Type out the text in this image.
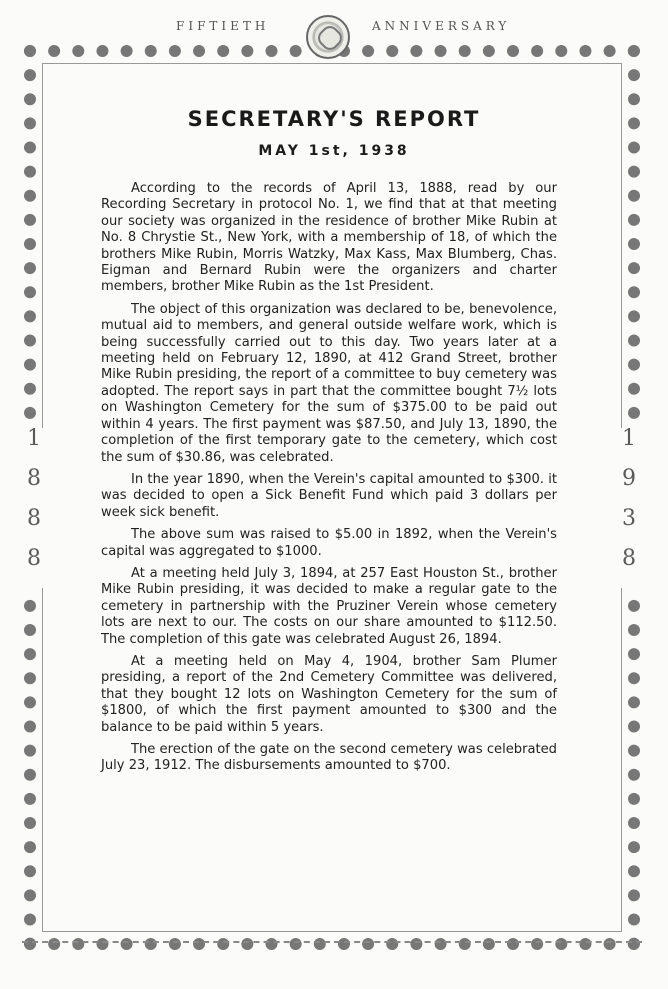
FIFTIETH	ANNIVERSARY
1
8
8
8
1
9
3
8
SECRETARY'S REPORT
MAY 1st, 1938

According to the records of April 13, 1888, read by our Recording Secretary in protocol No. 1, we find that at that meeting our society was organized in the residence of brother Mike Rubin at No. 8 Chrystie St., New York, with a membership of 18, of which the brothers Mike Rubin, Morris Watzky, Max Kass, Max Blumberg, Chas. Eigman and Bernard Rubin were the organizers and charter members, brother Mike Rubin as the 1st President.

The object of this organization was declared to be, benevolence, mutual aid to members, and general outside welfare work, which is being successfully carried out to this day. Two years later at a meeting held on February 12, 1890, at 412 Grand Street, brother Mike Rubin presiding, the report of a committee to buy cemetery was adopted. The report says in part that the committee bought 7½ lots on Washington Cemetery for the sum of $375.00 to be paid out within 4 years. The first payment was $87.50, and July 13, 1890, the completion of the first temporary gate to the cemetery, which cost the sum of $30.86, was celebrated.

In the year 1890, when the Verein's capital amounted to $300. it was decided to open a Sick Benefit Fund which paid 3 dollars per week sick benefit.

The above sum was raised to $5.00 in 1892, when the Verein's capital was aggregated to $1000.

At a meeting held July 3, 1894, at 257 East Houston St., brother Mike Rubin presiding, it was decided to make a regular gate to the cemetery in partnership with the Pruziner Verein whose cemetery lots are next to our. The costs on our share amounted to $112.50. The completion of this gate was celebrated August 26, 1894.

At a meeting held on May 4, 1904, brother Sam Plumer presiding, a report of the 2nd Cemetery Committee was delivered, that they bought 12 lots on Washington Cemetery for the sum of $1800, of which the first payment amounted to $300 and the balance to be paid within 5 years.

The erection of the gate on the second cemetery was celebrated July 23, 1912. The disbursements amounted to $700.
